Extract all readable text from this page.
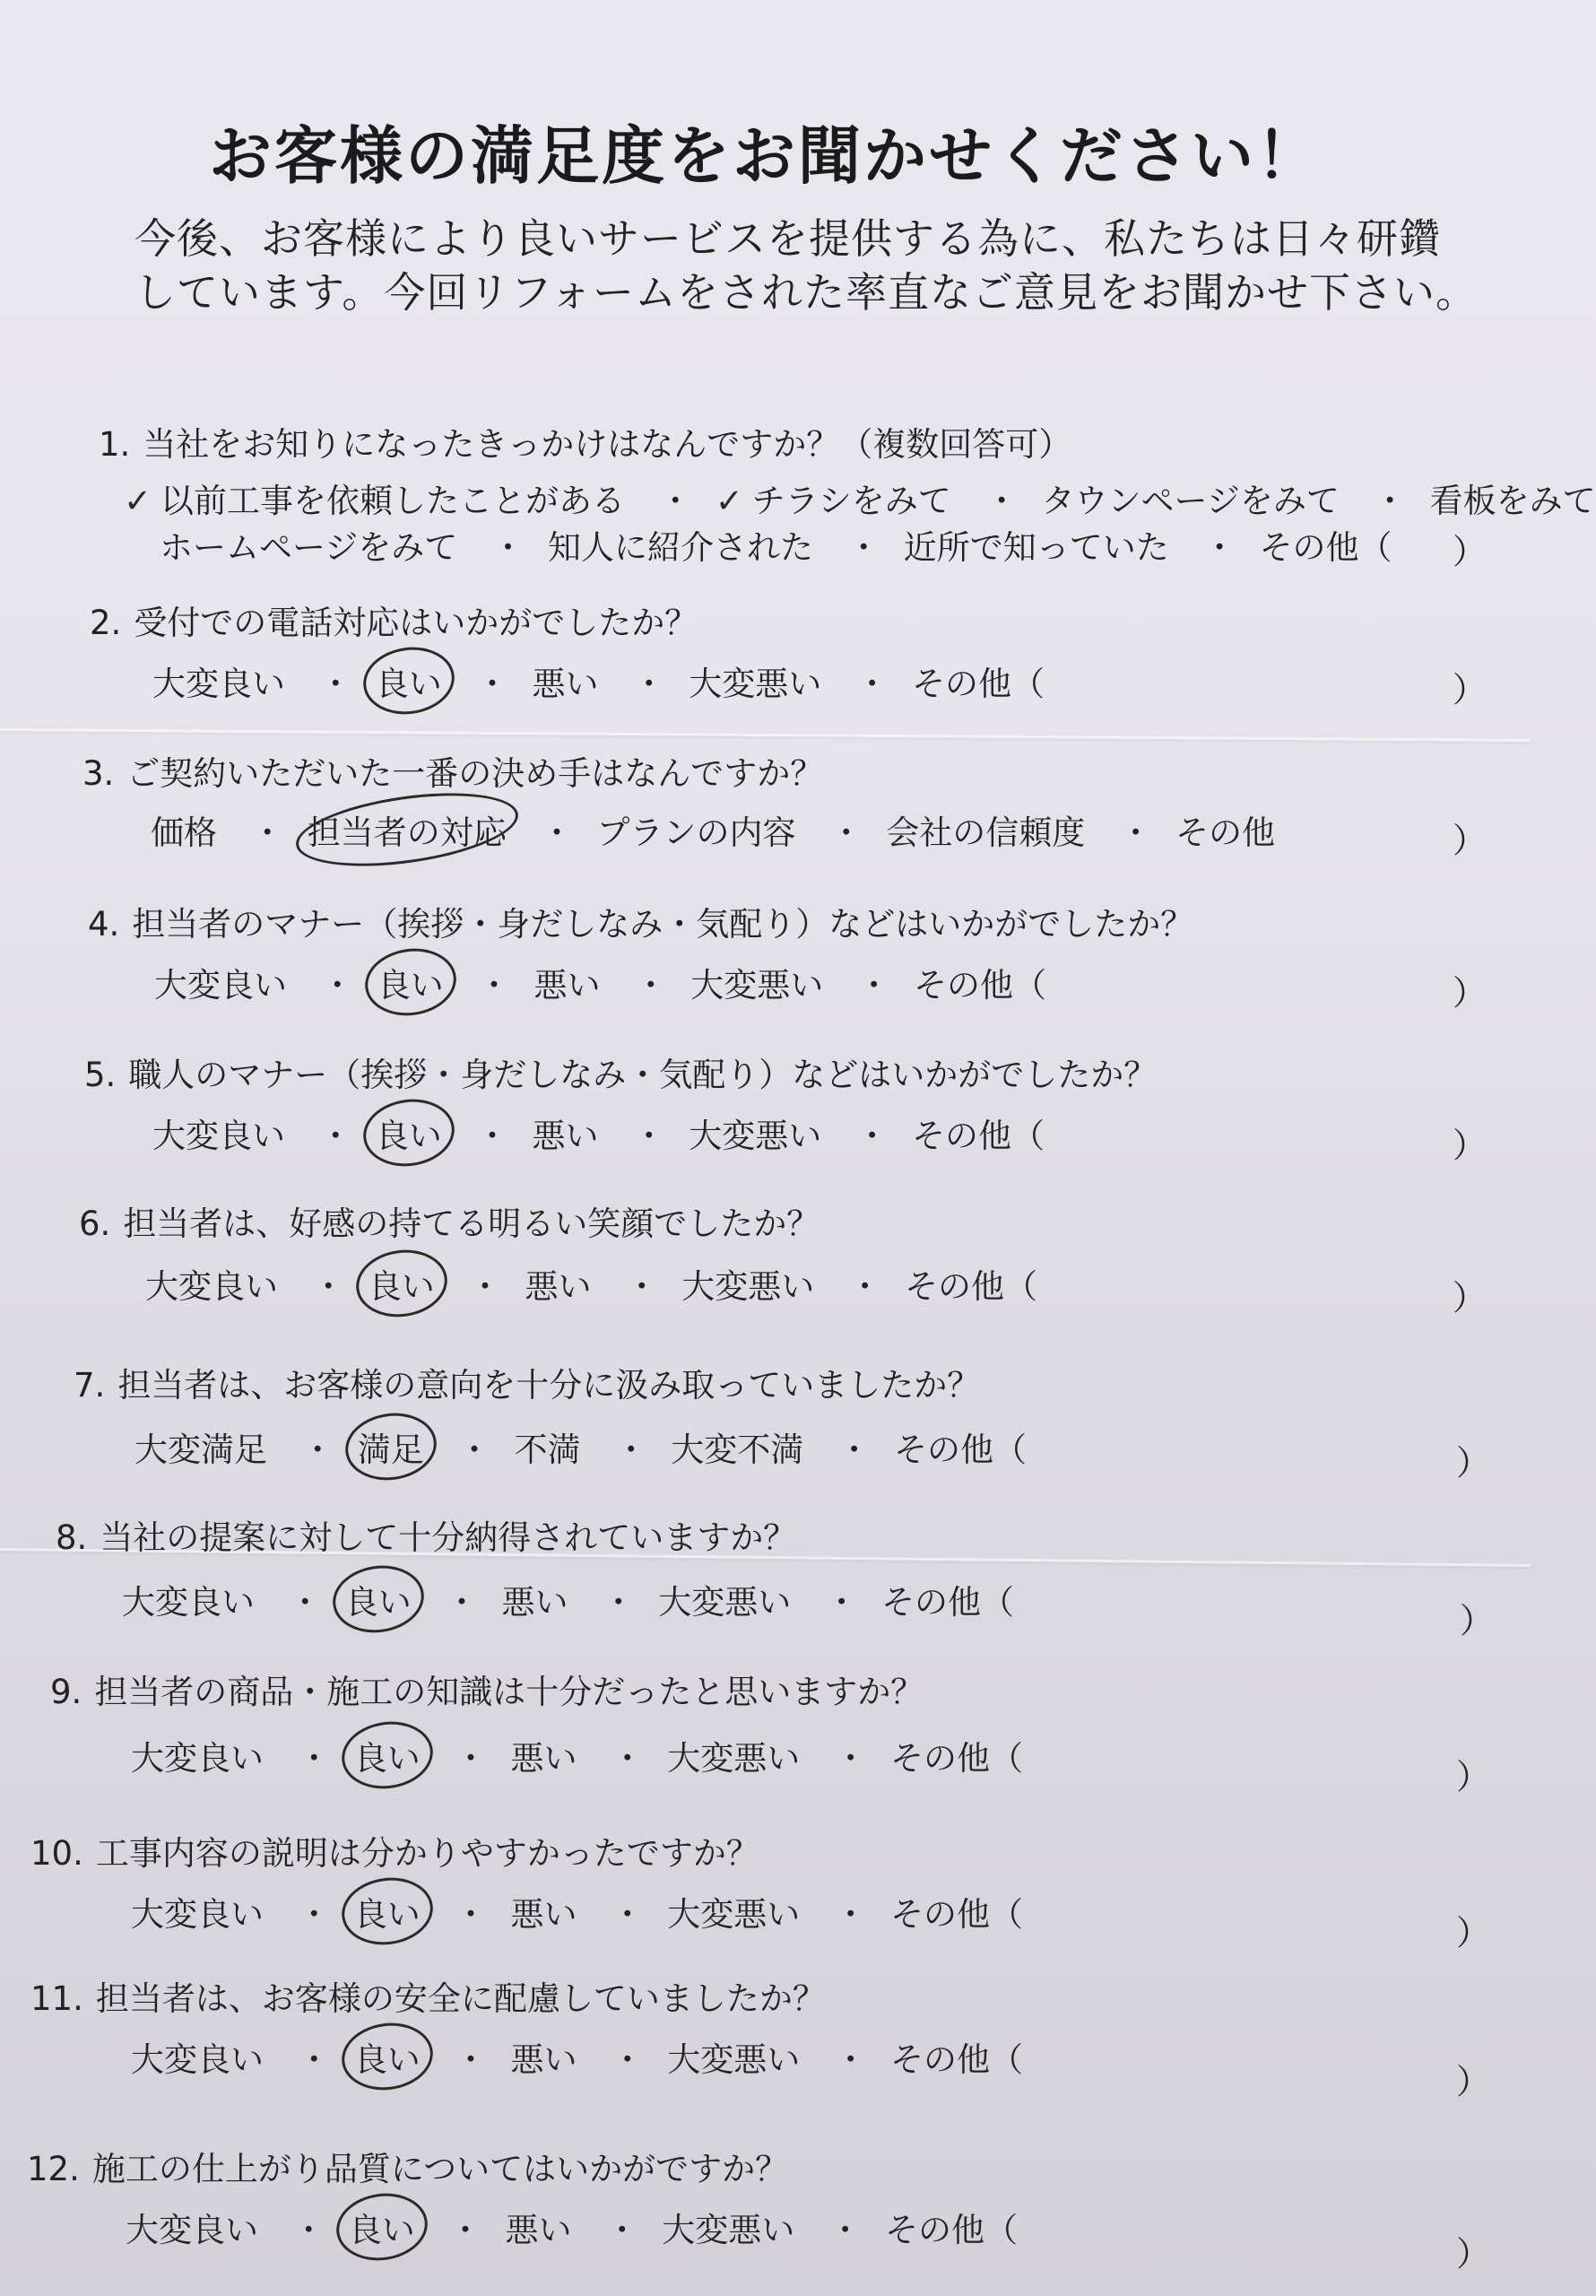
お客様の満足度をお聞かせください！
今後、お客様により良いサービスを提供する為に、私たちは日々研鑽
しています。今回リフォームをされた率直なご意見をお聞かせ下さい。
1. 当社をお知りになったきっかけはなんですか？（複数回答可）
✓ 以前工事を依頼したことがある ・ ✓ チラシをみて ・ タウンページをみて ・ 看板をみて
ホームページをみて ・ 知人に紹介された ・ 近所で知っていた ・ その他（ ）
2. 受付での電話対応はいかがでしたか？
大変良い ・ 良い ・ 悪い ・ 大変悪い ・ その他（	）
3. ご契約いただいた一番の決め手はなんですか？
価格 ・ 担当者の対応 ・ プランの内容 ・ 会社の信頼度 ・ その他	）
4. 担当者のマナー（挨拶・身だしなみ・気配り）などはいかがでしたか？
大変良い ・ 良い ・ 悪い ・ 大変悪い ・ その他（	）
5. 職人のマナー（挨拶・身だしなみ・気配り）などはいかがでしたか？
大変良い ・ 良い ・ 悪い ・ 大変悪い ・ その他（	）
6. 担当者は、好感の持てる明るい笑顔でしたか？
大変良い ・ 良い ・ 悪い ・ 大変悪い ・ その他（	）
7. 担当者は、お客様の意向を十分に汲み取っていましたか？
大変満足 ・ 満足 ・ 不満 ・ 大変不満 ・ その他（	）
8. 当社の提案に対して十分納得されていますか？
大変良い ・ 良い ・ 悪い ・ 大変悪い ・ その他（	）
9. 担当者の商品・施工の知識は十分だったと思いますか？
大変良い ・ 良い ・ 悪い ・ 大変悪い ・ その他（	）
10. 工事内容の説明は分かりやすかったですか？
大変良い ・ 良い ・ 悪い ・ 大変悪い ・ その他（	）
11. 担当者は、お客様の安全に配慮していましたか？
大変良い ・ 良い ・ 悪い ・ 大変悪い ・ その他（
）
12. 施工の仕上がり品質についてはいかがですか？
大変良い ・ 良い ・ 悪い ・ 大変悪い ・ その他（
）
